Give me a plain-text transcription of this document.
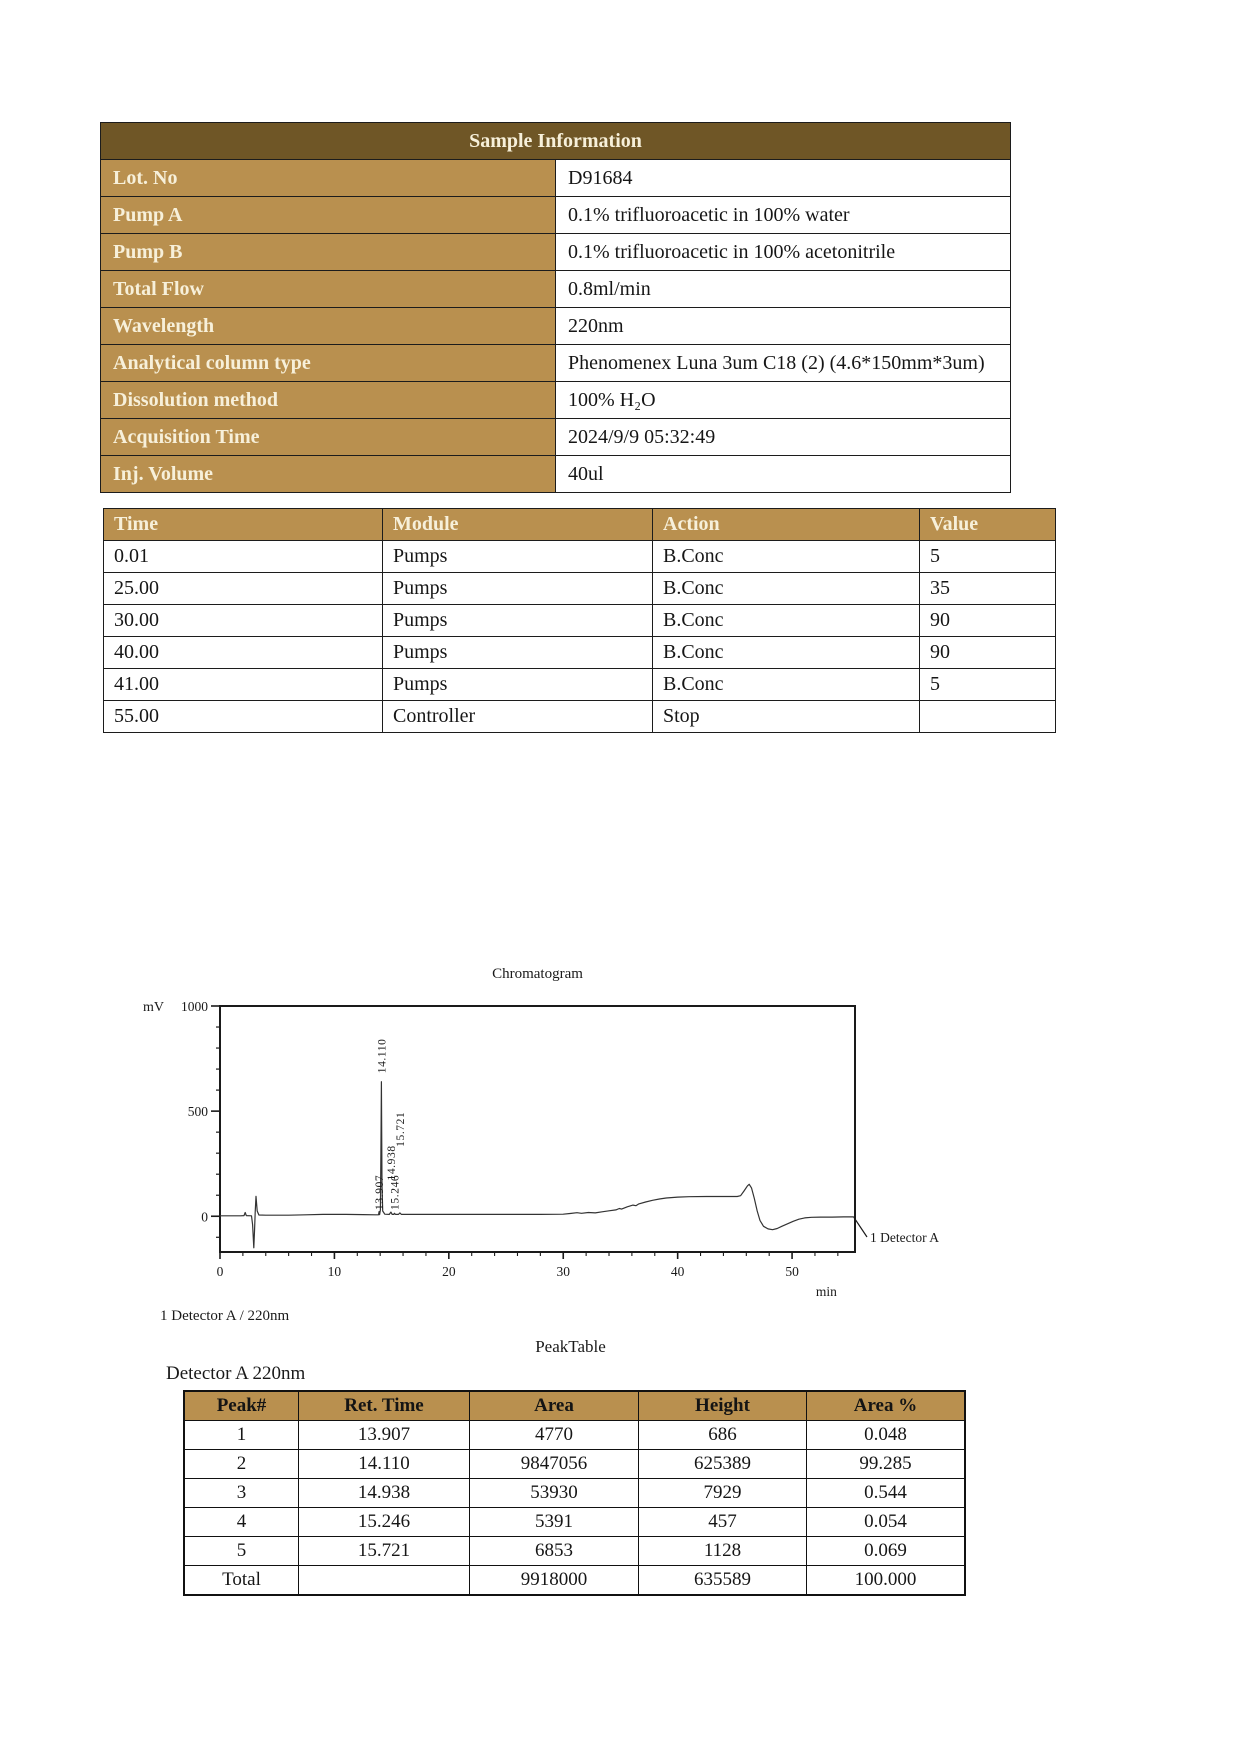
Sample Information	
Lot. No	D91684
Pump A	0.1% trifluoroacetic in 100% water
Pump B	0.1% trifluoroacetic in 100% acetonitrile
Total Flow	0.8ml/min
Wavelength	220nm
Analytical column type	Phenomenex Luna 3um C18 (2) (4.6*150mm*3um)
Dissolution method	100% H₂O
Acquisition Time	2024/9/9 05:32:49
Inj. Volume	40ul
Time	Module	Action	Value
0.01	Pumps	B.Conc	5
25.00	Pumps	B.Conc	35
30.00	Pumps	B.Conc	90
40.00	Pumps	B.Conc	90
41.00	Pumps	B.Conc	5
55.00	Controller	Stop	
Chromatogram
mV
0
500
1000
0	10	20	30	40	50
min
13.907 15.246
14.938
15.721
14.110
1 Detector A
1 Detector A / 220nm
PeakTable
Detector A 220nm
Peak#	Ret. Time	Area	Height	Area %
1	13.907	4770	686	0.048
2	14.110	9847056	625389	99.285
3	14.938	53930	7929	0.544
4	15.246	5391	457	0.054
5	15.721	6853	1128	0.069
Total		9918000	635589	100.000
